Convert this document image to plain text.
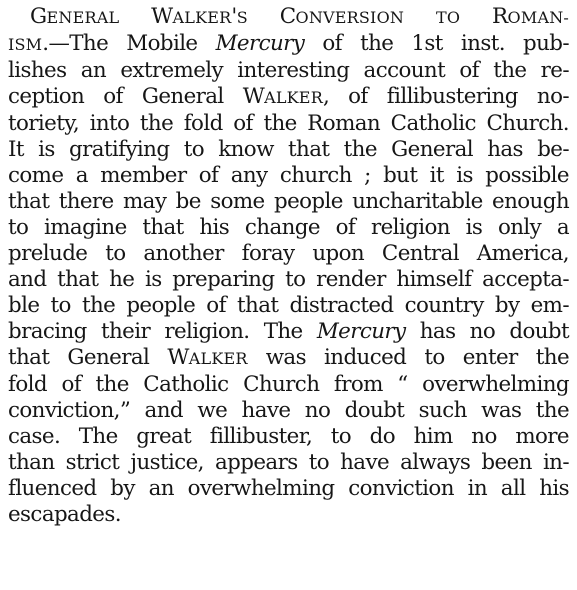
GENERAL WALKER'S CONVERSION TO ROMAN-
ISM.—The Mobile Mercury of the 1st inst. pub-
lishes an extremely interesting account of the re-
ception of General WALKER, of fillibustering no-
toriety, into the fold of the Roman Catholic Church.
It is gratifying to know that the General has be-
come a member of any church ; but it is possible
that there may be some people uncharitable enough
to imagine that his change of religion is only a
prelude to another foray upon Central America,
and that he is preparing to render himself accepta-
ble to the people of that distracted country by em-
bracing their religion. The Mercury has no doubt
that General WALKER was induced to enter the
fold of the Catholic Church from “ overwhelming
conviction,” and we have no doubt such was the
case. The great fillibuster, to do him no more
than strict justice, appears to have always been in-
fluenced by an overwhelming conviction in all his
escapades.
